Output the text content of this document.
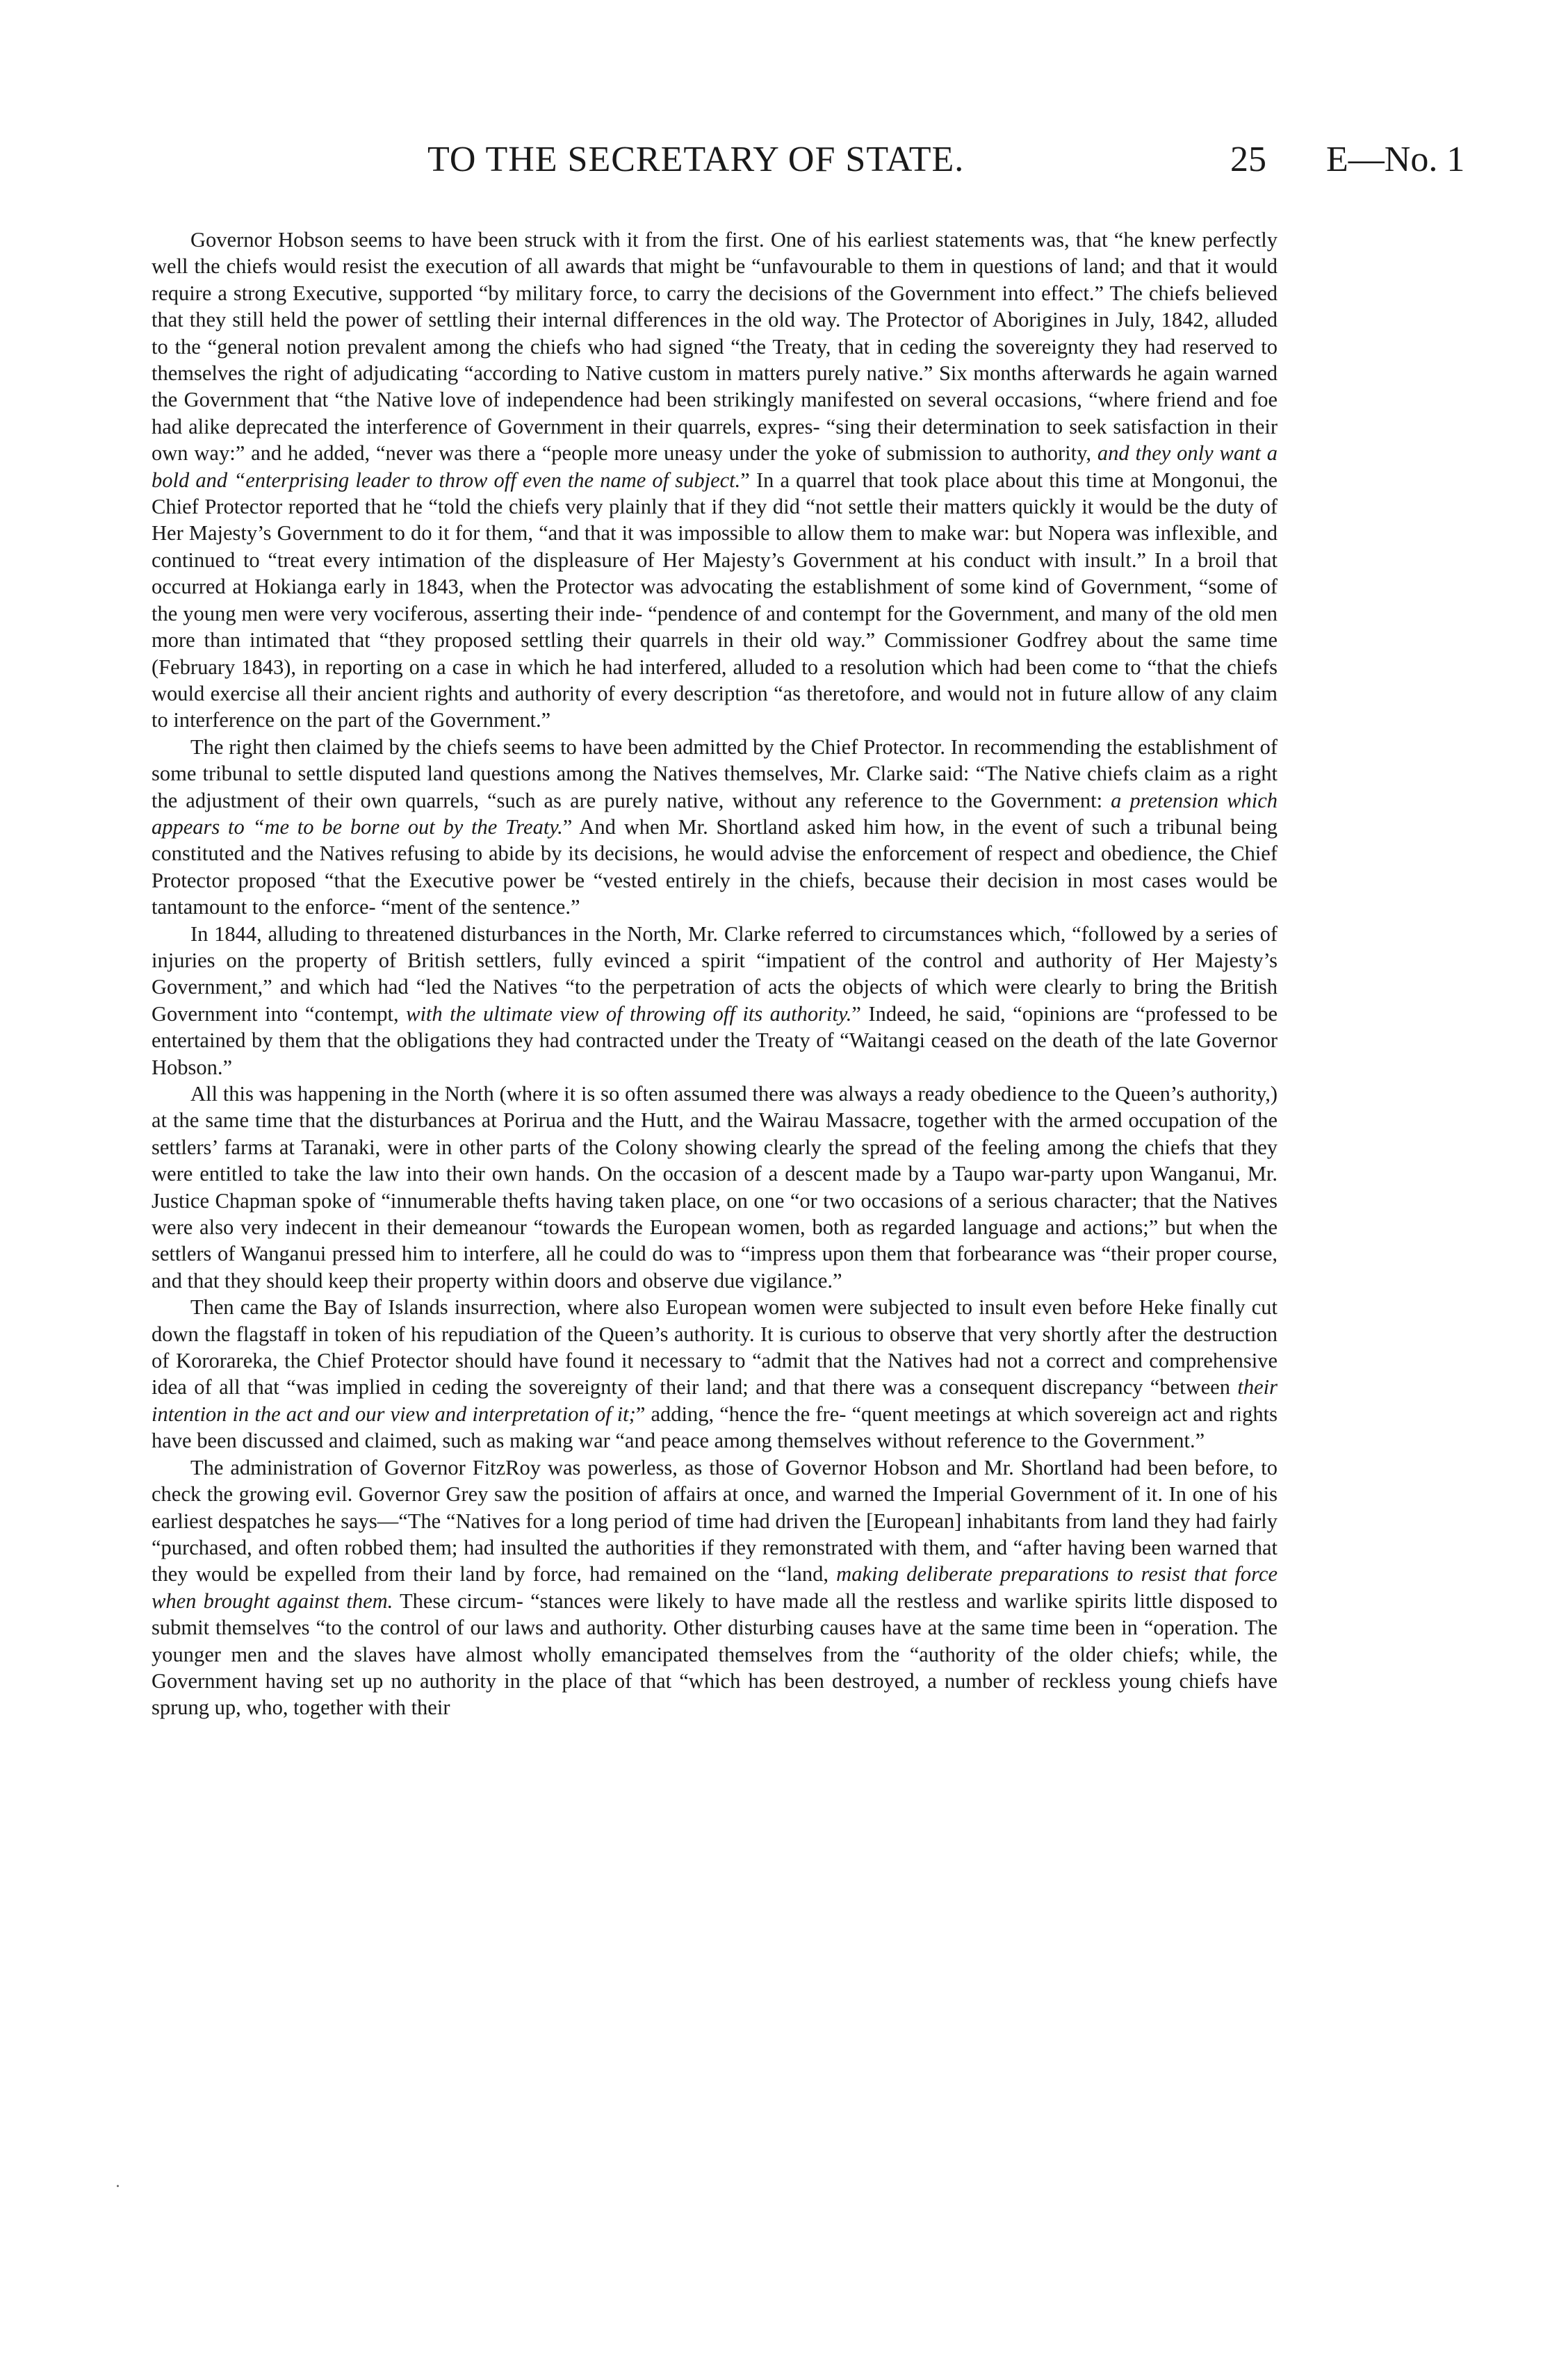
TO THE SECRETARY OF STATE.	25 E—No. 1

Governor Hobson seems to have been struck with it from the first. One of his earliest statements was, that “he knew perfectly well the chiefs would resist the execution of all awards that might be “unfavourable to them in questions of land; and that it would require a strong Executive, supported “by military force, to carry the decisions of the Government into effect.” The chiefs believed that they still held the power of settling their internal differences in the old way. The Protector of Aborigines in July, 1842, alluded to the “general notion prevalent among the chiefs who had signed “the Treaty, that in ceding the sovereignty they had reserved to themselves the right of adjudicating “according to Native custom in matters purely native.” Six months afterwards he again warned the Government that “the Native love of independence had been strikingly manifested on several occasions, “where friend and foe had alike deprecated the interference of Government in their quarrels, expres- “sing their determination to seek satisfaction in their own way:” and he added, “never was there a “people more uneasy under the yoke of submission to authority, and they only want a bold and “enterprising leader to throw off even the name of subject.” In a quarrel that took place about this time at Mongonui, the Chief Protector reported that he “told the chiefs very plainly that if they did “not settle their matters quickly it would be the duty of Her Majesty’s Government to do it for them, “and that it was impossible to allow them to make war: but Nopera was inflexible, and continued to “treat every intimation of the displeasure of Her Majesty’s Government at his conduct with insult.” In a broil that occurred at Hokianga early in 1843, when the Protector was advocating the establishment of some kind of Government, “some of the young men were very vociferous, asserting their inde- “pendence of and contempt for the Government, and many of the old men more than intimated that “they proposed settling their quarrels in their old way.” Commissioner Godfrey about the same time (February 1843), in reporting on a case in which he had interfered, alluded to a resolution which had been come to “that the chiefs would exercise all their ancient rights and authority of every description “as theretofore, and would not in future allow of any claim to interference on the part of the Government.”

The right then claimed by the chiefs seems to have been admitted by the Chief Protector. In recommending the establishment of some tribunal to settle disputed land questions among the Natives themselves, Mr. Clarke said: “The Native chiefs claim as a right the adjustment of their own quarrels, “such as are purely native, without any reference to the Government: a pretension which appears to “me to be borne out by the Treaty.” And when Mr. Shortland asked him how, in the event of such a tribunal being constituted and the Natives refusing to abide by its decisions, he would advise the enforcement of respect and obedience, the Chief Protector proposed “that the Executive power be “vested entirely in the chiefs, because their decision in most cases would be tantamount to the enforce- “ment of the sentence.”

In 1844, alluding to threatened disturbances in the North, Mr. Clarke referred to circumstances which, “followed by a series of injuries on the property of British settlers, fully evinced a spirit “impatient of the control and authority of Her Majesty’s Government,” and which had “led the Natives “to the perpetration of acts the objects of which were clearly to bring the British Government into “contempt, with the ultimate view of throwing off its authority.” Indeed, he said, “opinions are “professed to be entertained by them that the obligations they had contracted under the Treaty of “Waitangi ceased on the death of the late Governor Hobson.”

All this was happening in the North (where it is so often assumed there was always a ready obedience to the Queen’s authority,) at the same time that the disturbances at Porirua and the Hutt, and the Wairau Massacre, together with the armed occupation of the settlers’ farms at Taranaki, were in other parts of the Colony showing clearly the spread of the feeling among the chiefs that they were entitled to take the law into their own hands. On the occasion of a descent made by a Taupo war-party upon Wanganui, Mr. Justice Chapman spoke of “innumerable thefts having taken place, on one “or two occasions of a serious character; that the Natives were also very indecent in their demeanour “towards the European women, both as regarded language and actions;” but when the settlers of Wanganui pressed him to interfere, all he could do was to “impress upon them that forbearance was “their proper course, and that they should keep their property within doors and observe due vigilance.”

Then came the Bay of Islands insurrection, where also European women were subjected to insult even before Heke finally cut down the flagstaff in token of his repudiation of the Queen’s authority. It is curious to observe that very shortly after the destruction of Kororareka, the Chief Protector should have found it necessary to “admit that the Natives had not a correct and comprehensive idea of all that “was implied in ceding the sovereignty of their land; and that there was a consequent discrepancy “between their intention in the act and our view and interpretation of it;” adding, “hence the fre- “quent meetings at which sovereign act and rights have been discussed and claimed, such as making war “and peace among themselves without reference to the Government.”

The administration of Governor FitzRoy was powerless, as those of Governor Hobson and Mr. Shortland had been before, to check the growing evil. Governor Grey saw the position of affairs at once, and warned the Imperial Government of it. In one of his earliest despatches he says—“The “Natives for a long period of time had driven the [European] inhabitants from land they had fairly “purchased, and often robbed them; had insulted the authorities if they remonstrated with them, and “after having been warned that they would be expelled from their land by force, had remained on the “land, making deliberate preparations to resist that force when brought against them. These circum- “stances were likely to have made all the restless and warlike spirits little disposed to submit themselves “to the control of our laws and authority. Other disturbing causes have at the same time been in “operation. The younger men and the slaves have almost wholly emancipated themselves from the “authority of the older chiefs; while, the Government having set up no authority in the place of that “which has been destroyed, a number of reckless young chiefs have sprung up, who, together with their

.
